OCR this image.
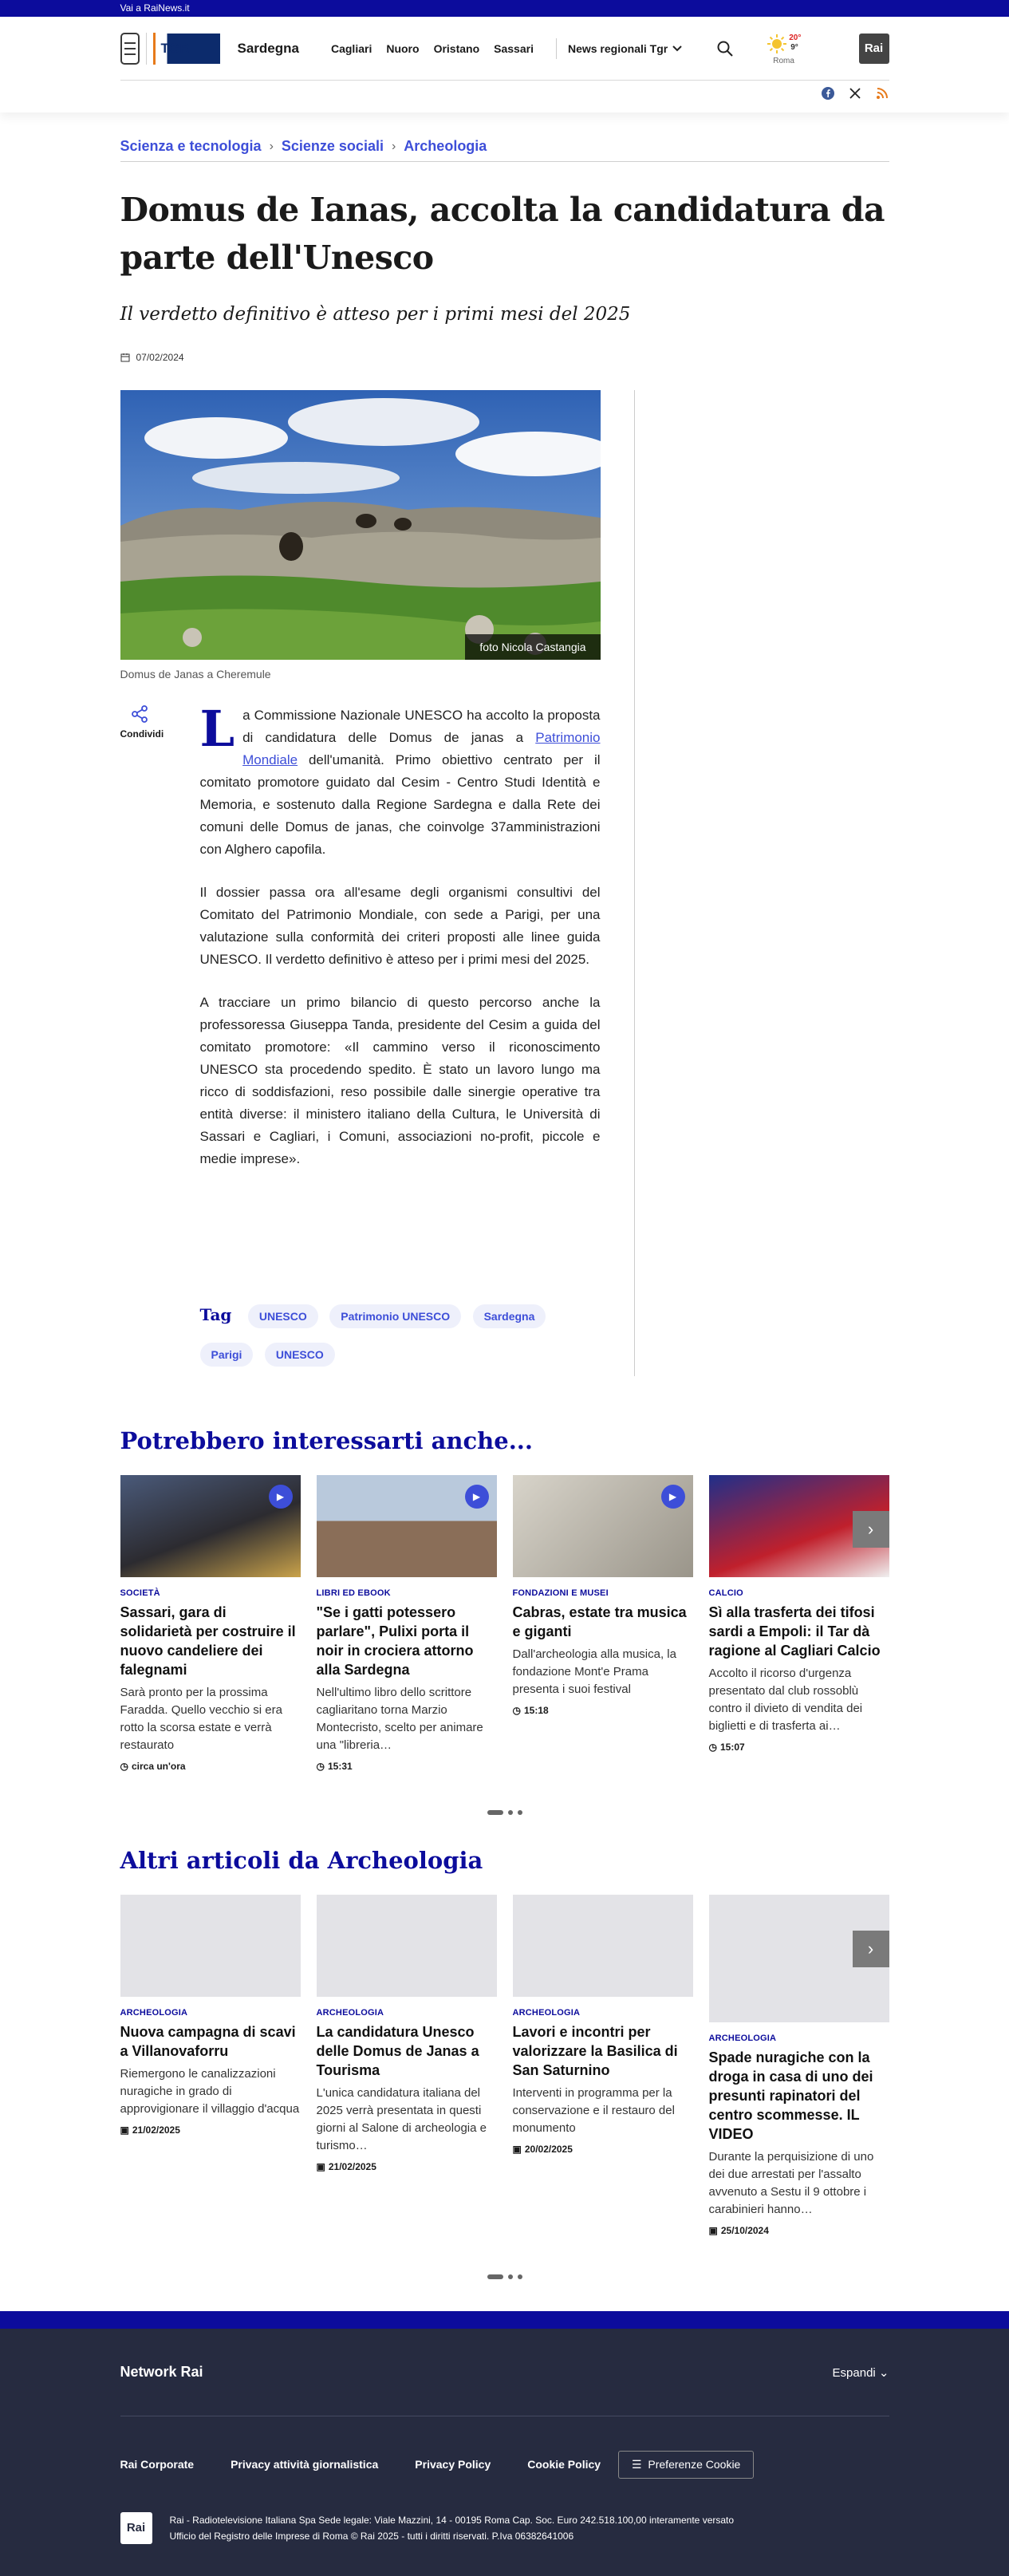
Vai a RaiNews.it
TGR	Sardegna	Cagliari Nuoro Oristano Sassari	News regionali Tgr
20°
9°
Roma
Rai
Scienza e tecnologia › Scienze sociali › Archeologia
Domus de Ianas, accolta la candidatura da parte dell'Unesco
Il verdetto definitivo è atteso per i primi mesi del 2025
07/02/2024
foto Nicola Castangia
Domus de Janas a Cheremule
Condividi La Commissione Nazionale UNESCO ha accolto la proposta di candidatura delle Domus de janas a Patrimonio Mondiale dell'umanità. Primo obiettivo centrato per il comitato promotore guidato dal Cesim - Centro Studi Identità e Memoria, e sostenuto dalla Regione Sardegna e dalla Rete dei comuni delle Domus de janas, che coinvolge 37amministrazioni con Alghero capofila.

Il dossier passa ora all'esame degli organismi consultivi del Comitato del Patrimonio Mondiale, con sede a Parigi, per una valutazione sulla conformità dei criteri proposti alle linee guida UNESCO. Il verdetto definitivo è atteso per i primi mesi del 2025.

A tracciare un primo bilancio di questo percorso anche la professoressa Giuseppa Tanda, presidente del Cesim a guida del comitato promotore: «Il cammino verso il riconoscimento UNESCO sta procedendo spedito. È stato un lavoro lungo ma ricco di soddisfazioni, reso possibile dalle sinergie operative tra entità diverse: il ministero italiano della Cultura, le Università di Sassari e Cagliari, i Comuni, associazioni no-profit, piccole e medie imprese».

Tag UNESCO	Patrimonio UNESCO	Sardegna
Parigi	UNESCO
Potrebbero interessarti anche...
▶
SOCIETÀ
Sassari, gara di solidarietà per costruire il nuovo candeliere dei falegnami

Sarà pronto per la prossima Faradda. Quello vecchio si era rotto la scorsa estate e verrà restaurato

◷ circa un'ora
▶
LIBRI ED EBOOK
"Se i gatti potessero parlare", Pulixi porta il noir in crociera attorno alla Sardegna

Nell'ultimo libro dello scrittore cagliaritano torna Marzio Montecristo, scelto per animare una "libreria…

◷ 15:31
▶
FONDAZIONI E MUSEI
Cabras, estate tra musica e giganti

Dall'archeologia alla musica, la fondazione Mont'e Prama presenta i suoi festival

◷ 15:18
CALCIO
Sì alla trasferta dei tifosi sardi a Empoli: il Tar dà ragione al Cagliari Calcio

Accolto il ricorso d'urgenza presentato dal club rossoblù contro il divieto di vendita dei biglietti e di trasferta ai…

◷ 15:07
›
Altri articoli da Archeologia
ARCHEOLOGIA
Nuova campagna di scavi a Villanovaforru

Riemergono le canalizzazioni nuragiche in grado di approvigionare il villaggio d'acqua

▣ 21/02/2025
ARCHEOLOGIA
La candidatura Unesco delle Domus de Janas a Tourisma

L'unica candidatura italiana del 2025 verrà presentata in questi giorni al Salone di archeologia e turismo…

▣ 21/02/2025
ARCHEOLOGIA
Lavori e incontri per valorizzare la Basilica di San Saturnino

Interventi in programma per la conservazione e il restauro del monumento

▣ 20/02/2025
ARCHEOLOGIA
Spade nuragiche con la droga in casa di uno dei presunti rapinatori del centro scommesse. IL VIDEO

Durante la perquisizione di uno dei due arrestati per l'assalto avvenuto a Sestu il 9 ottobre i carabinieri hanno…

▣ 25/10/2024
›
Network Rai	Espandi ⌄
Rai Corporate	Privacy attività giornalistica	Privacy Policy	Cookie Policy	☰ Preferenze Cookie
Rai
Rai - Radiotelevisione Italiana Spa Sede legale: Viale Mazzini, 14 - 00195 Roma Cap. Soc. Euro 242.518.100,00 interamente versato
Ufficio del Registro delle Imprese di Roma © Rai 2025 - tutti i diritti riservati. P.Iva 06382641006
